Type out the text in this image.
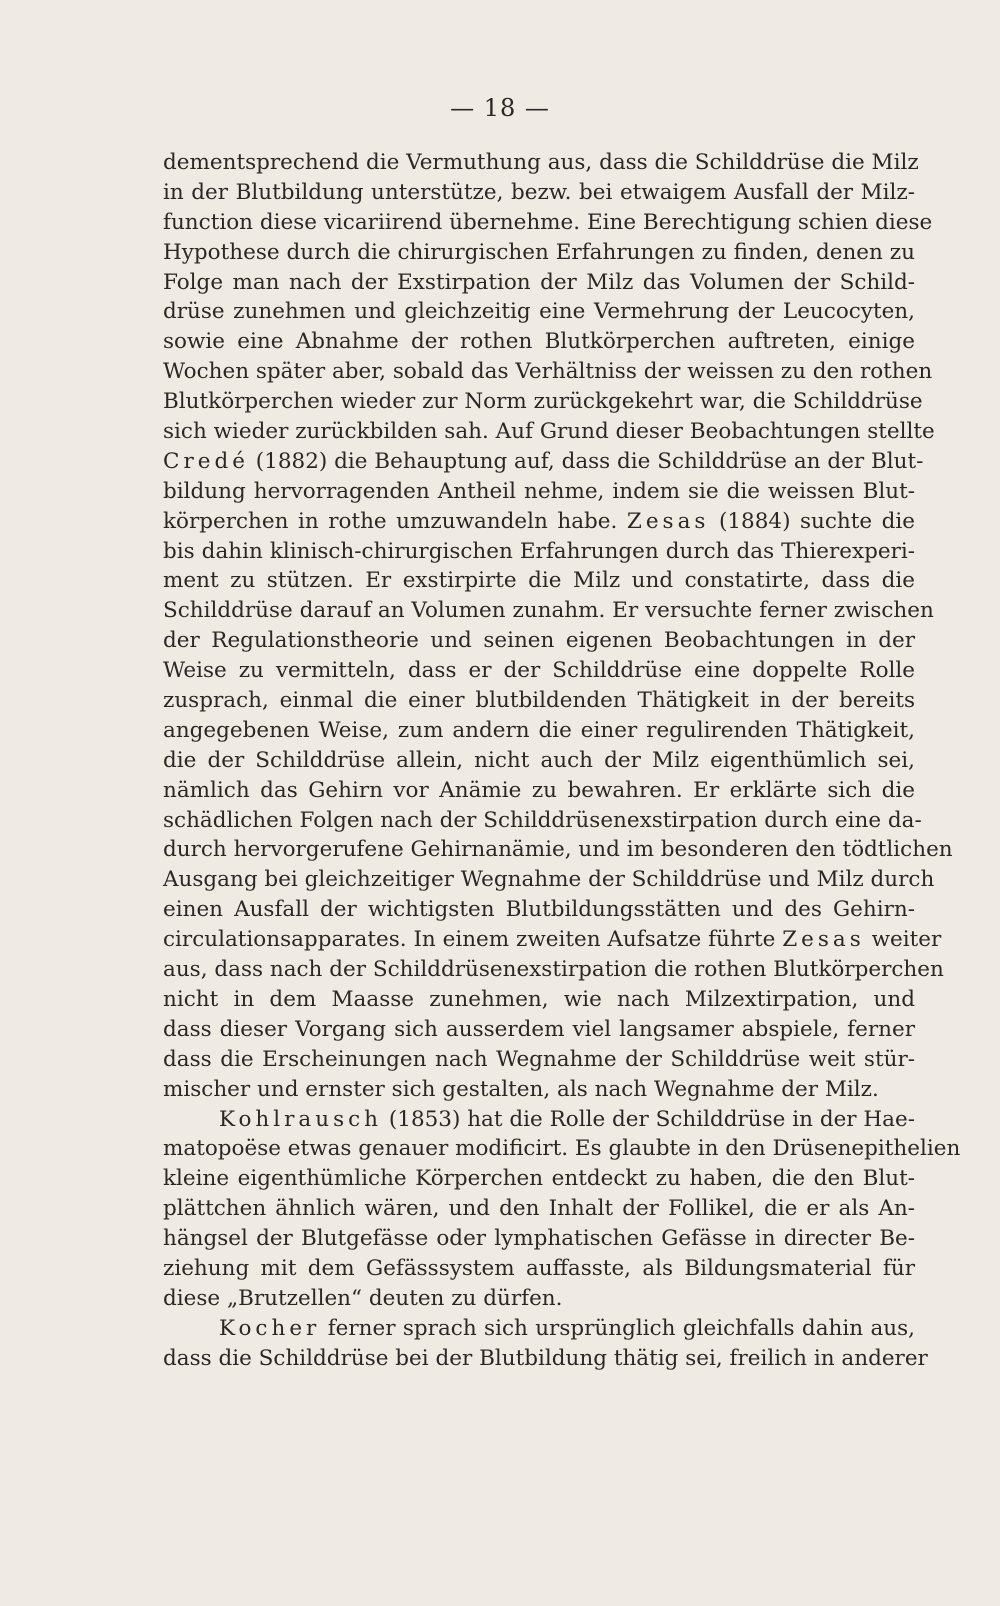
— 18 —
dementsprechend die Vermuthung aus, dass die Schilddrüse die Milz
in der Blutbildung unterstütze, bezw. bei etwaigem Ausfall der Milz-
function diese vicariirend übernehme. Eine Berechtigung schien diese
Hypothese durch die chirurgischen Erfahrungen zu finden, denen zu
Folge man nach der Exstirpation der Milz das Volumen der Schild-
drüse zunehmen und gleichzeitig eine Vermehrung der Leucocyten,
sowie eine Abnahme der rothen Blutkörperchen auftreten, einige
Wochen später aber, sobald das Verhältniss der weissen zu den rothen
Blutkörperchen wieder zur Norm zurückgekehrt war, die Schilddrüse
sich wieder zurückbilden sah. Auf Grund dieser Beobachtungen stellte
Credé (1882) die Behauptung auf, dass die Schilddrüse an der Blut-
bildung hervorragenden Antheil nehme, indem sie die weissen Blut-
körperchen in rothe umzuwandeln habe. Zesas (1884) suchte die
bis dahin klinisch-chirurgischen Erfahrungen durch das Thierexperi-
ment zu stützen. Er exstirpirte die Milz und constatirte, dass die
Schilddrüse darauf an Volumen zunahm. Er versuchte ferner zwischen
der Regulationstheorie und seinen eigenen Beobachtungen in der
Weise zu vermitteln, dass er der Schilddrüse eine doppelte Rolle
zusprach, einmal die einer blutbildenden Thätigkeit in der bereits
angegebenen Weise, zum andern die einer regulirenden Thätigkeit,
die der Schilddrüse allein, nicht auch der Milz eigenthümlich sei,
nämlich das Gehirn vor Anämie zu bewahren. Er erklärte sich die
schädlichen Folgen nach der Schilddrüsenexstirpation durch eine da-
durch hervorgerufene Gehirnanämie, und im besonderen den tödtlichen
Ausgang bei gleichzeitiger Wegnahme der Schilddrüse und Milz durch
einen Ausfall der wichtigsten Blutbildungsstätten und des Gehirn-
circulationsapparates. In einem zweiten Aufsatze führte Zesas weiter
aus, dass nach der Schilddrüsenexstirpation die rothen Blutkörperchen
nicht in dem Maasse zunehmen, wie nach Milzextirpation, und
dass dieser Vorgang sich ausserdem viel langsamer abspiele, ferner
dass die Erscheinungen nach Wegnahme der Schilddrüse weit stür-
mischer und ernster sich gestalten, als nach Wegnahme der Milz.
Kohlrausch (1853) hat die Rolle der Schilddrüse in der Hae-
matopoëse etwas genauer modificirt. Es glaubte in den Drüsenepithelien
kleine eigenthümliche Körperchen entdeckt zu haben, die den Blut-
plättchen ähnlich wären, und den Inhalt der Follikel, die er als An-
hängsel der Blutgefässe oder lymphatischen Gefässe in directer Be-
ziehung mit dem Gefässsystem auffasste, als Bildungsmaterial für
diese „Brutzellen“ deuten zu dürfen.
Kocher ferner sprach sich ursprünglich gleichfalls dahin aus,
dass die Schilddrüse bei der Blutbildung thätig sei, freilich in anderer
